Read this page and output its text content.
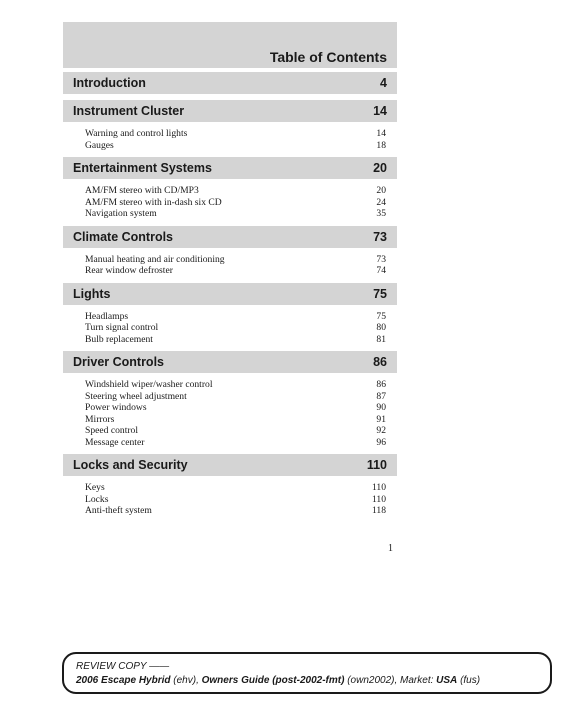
Table of Contents
Introduction	4
Instrument Cluster	14
Warning and control lights	14
Gauges	18
Entertainment Systems	20
AM/FM stereo with CD/MP3	20
AM/FM stereo with in-dash six CD	24
Navigation system	35
Climate Controls	73
Manual heating and air conditioning	73
Rear window defroster	74
Lights	75
Headlamps	75
Turn signal control	80
Bulb replacement	81
Driver Controls	86
Windshield wiper/washer control	86
Steering wheel adjustment	87
Power windows	90
Mirrors	91
Speed control	92
Message center	96
Locks and Security	110
Keys	110
Locks	110
Anti-theft system	118
1
REVIEW COPY ——
2006 Escape Hybrid (ehv), Owners Guide (post-2002-fmt) (own2002), Market: USA (fus)
